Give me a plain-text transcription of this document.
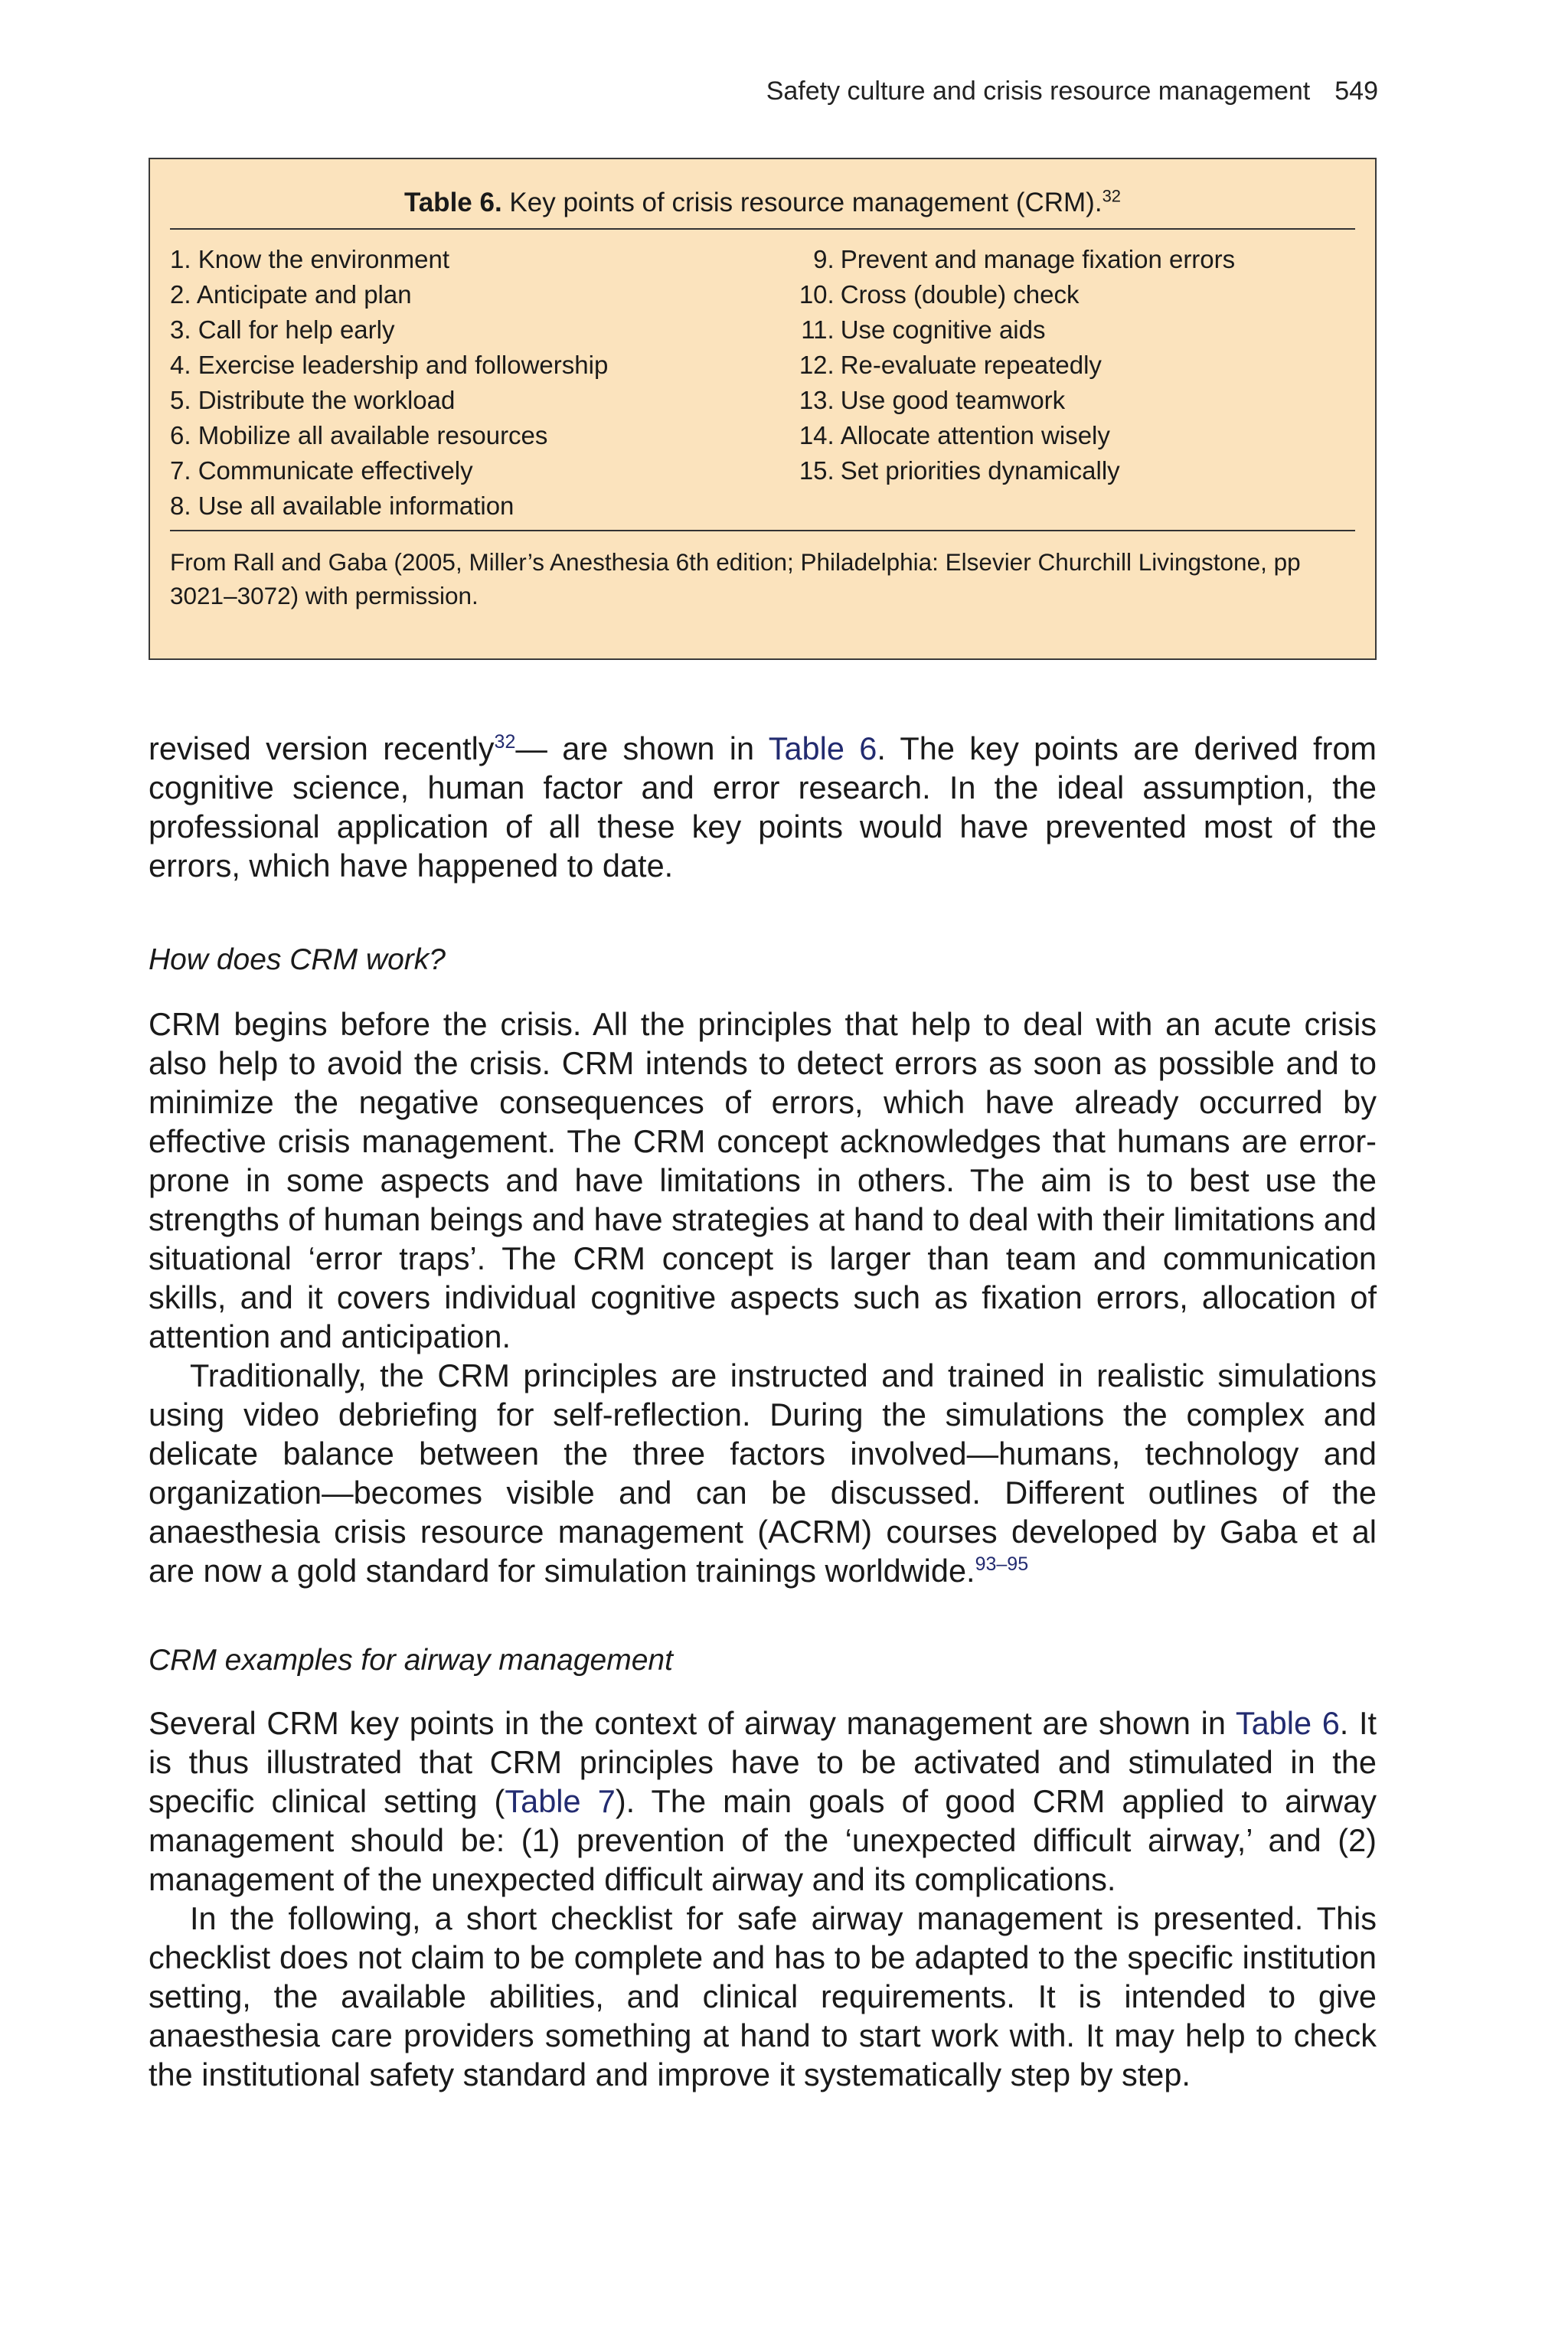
Safety culture and crisis resource management 549
Table 6. Key points of crisis resource management (CRM).$^{32}$
1. Know the environment
2. Anticipate and plan
3. Call for help early
4. Exercise leadership and followership
5. Distribute the workload
6. Mobilize all available resources
7. Communicate effectively
8. Use all available information
9. Prevent and manage fixation errors
10. Cross (double) check
11. Use cognitive aids
12. Re-evaluate repeatedly
13. Use good teamwork
14. Allocate attention wisely
15. Set priorities dynamically
From Rall and Gaba (2005, Miller’s Anesthesia 6th edition; Philadelphia: Elsevier Churchill Livingstone, pp 3021–3072) with permission.

revised version recently$^{32}$— are shown in Table 6. The key points are derived from cognitive science, human factor and error research. In the ideal assumption, the professional application of all these key points would have prevented most of the errors, which have happened to date.

How does CRM work?

CRM begins before the crisis. All the principles that help to deal with an acute crisis also help to avoid the crisis. CRM intends to detect errors as soon as possible and to minimize the negative consequences of errors, which have already occurred by effective crisis management. The CRM concept acknowledges that humans are error-prone in some aspects and have limitations in others. The aim is to best use the strengths of human beings and have strategies at hand to deal with their limitations and situational ‘error traps’. The CRM concept is larger than team and communication skills, and it covers individual cognitive aspects such as fixation errors, allocation of attention and anticipation.

Traditionally, the CRM principles are instructed and trained in realistic simulations using video debriefing for self-reflection. During the simulations the complex and delicate balance between the three factors involved—humans, technology and organization—becomes visible and can be discussed. Different outlines of the anaesthesia crisis resource management (ACRM) courses developed by Gaba et al are now a gold standard for simulation trainings worldwide.$^{93-95}$

CRM examples for airway management

Several CRM key points in the context of airway management are shown in Table 6. It is thus illustrated that CRM principles have to be activated and stimulated in the specific clinical setting (Table 7). The main goals of good CRM applied to airway management should be: (1) prevention of the ‘unexpected difficult airway,’ and (2) management of the unexpected difficult airway and its complications.

In the following, a short checklist for safe airway management is presented. This checklist does not claim to be complete and has to be adapted to the specific institution setting, the available abilities, and clinical requirements. It is intended to give anaesthesia care providers something at hand to start work with. It may help to check the institutional safety standard and improve it systematically step by step.
